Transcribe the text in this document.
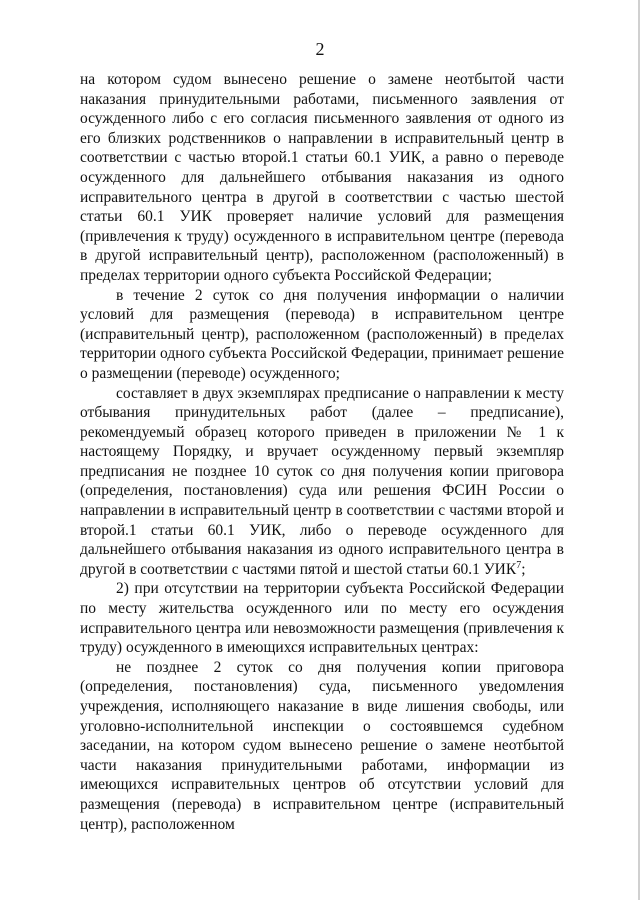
2

на котором судом вынесено решение о замене неотбытой части наказания принудительными работами, письменного заявления от осужденного либо с его согласия письменного заявления от одного из его близких родственников о направлении в исправительный центр в соответствии с частью второй.1 статьи 60.1 УИК, а равно о переводе осужденного для дальнейшего отбывания наказания из одного исправительного центра в другой в соответствии с частью шестой статьи 60.1 УИК проверяет наличие условий для размещения (привлечения к труду) осужденного в исправительном центре (перевода в другой исправительный центр), расположенном (расположенный) в пределах территории одного субъекта Российской Федерации;

в течение 2 суток со дня получения информации о наличии условий для размещения (перевода) в исправительном центре (исправительный центр), расположенном (расположенный) в пределах территории одного субъекта Российской Федерации, принимает решение о размещении (переводе) осужденного;

составляет в двух экземплярах предписание о направлении к месту отбывания принудительных работ (далее – предписание), рекомендуемый образец которого приведен в приложении № 1 к настоящему Порядку, и вручает осужденному первый экземпляр предписания не позднее 10 суток со дня получения копии приговора (определения, постановления) суда или решения ФСИН России о направлении в исправительный центр в соответствии с частями второй и второй.1 статьи 60.1 УИК, либо о переводе осужденного для дальнейшего отбывания наказания из одного исправительного центра в другой в соответствии с частями пятой и шестой статьи 60.1 УИК$^7$;

2) при отсутствии на территории субъекта Российской Федерации по месту жительства осужденного или по месту его осуждения исправительного центра или невозможности размещения (привлечения к труду) осужденного в имеющихся исправительных центрах:

не позднее 2 суток со дня получения копии приговора (определения, постановления) суда, письменного уведомления учреждения, исполняющего наказание в виде лишения свободы, или уголовно-исполнительной инспекции о состоявшемся судебном заседании, на котором судом вынесено решение о замене неотбытой части наказания принудительными работами, информации из имеющихся исправительных центров об отсутствии условий для размещения (перевода) в исправительном центре (исправительный центр), расположенном
